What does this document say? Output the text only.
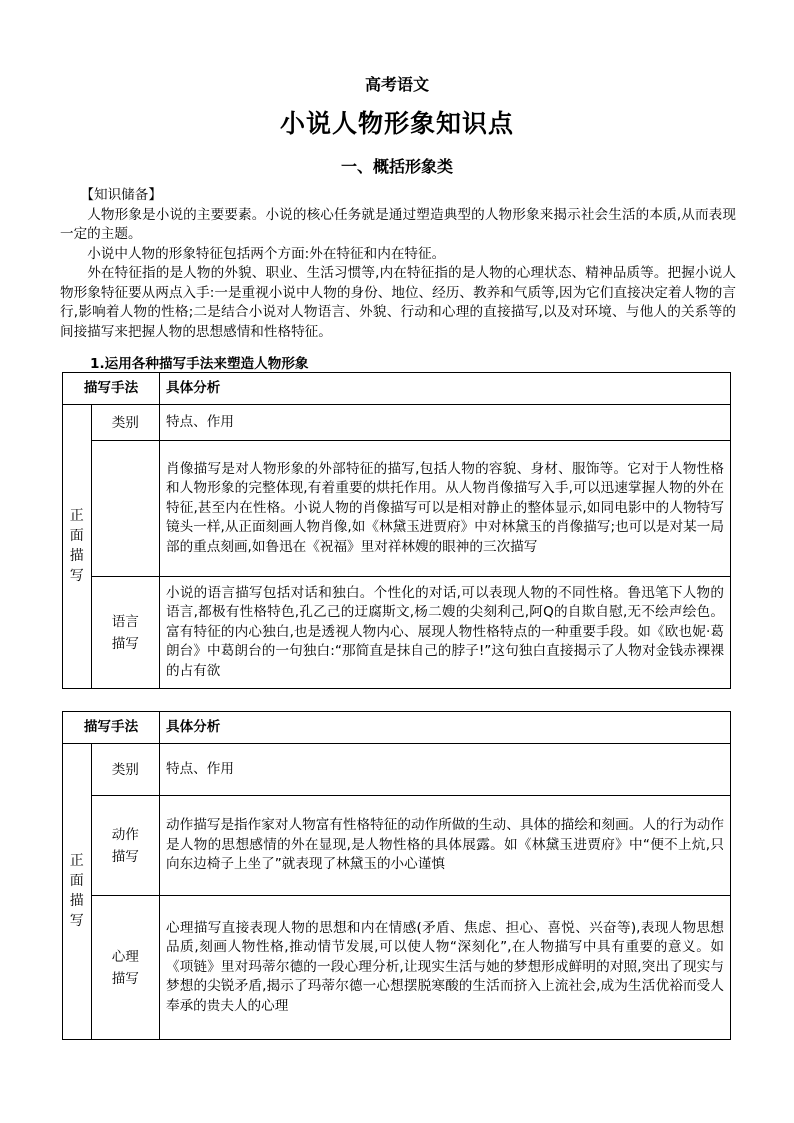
高考语文
小说人物形象知识点
一、概括形象类

【知识储备】

人物形象是小说的主要要素。小说的核心任务就是通过塑造典型的人物形象来揭示社会生活的本质,从而表现一定的主题。

小说中人物的形象特征包括两个方面:外在特征和内在特征。

外在特征指的是人物的外貌、职业、生活习惯等,内在特征指的是人物的心理状态、精神品质等。把握小说人物形象特征要从两点入手:一是重视小说中人物的身份、地位、经历、教养和气质等,因为它们直接决定着人物的言行,影响着人物的性格;二是结合小说对人物语言、外貌、行动和心理的直接描写,以及对环境、与他人的关系等的间接描写来把握人物的思想感情和性格特征。

1.运用各种描写手法来塑造人物形象
描写手法		具体分析
正面描写	类别	特点、作用
		肖像描写是对人物形象的外部特征的描写,包括人物的容貌、身材、服饰等。它对于人物性格和人物形象的完整体现,有着重要的烘托作用。从人物肖像描写入手,可以迅速掌握人物的外在特征,甚至内在性格。小说人物的肖像描写可以是相对静止的整体显示,如同电影中的人物特写镜头一样,从正面刻画人物肖像,如《林黛玉进贾府》中对林黛玉的肖像描写;也可以是对某一局部的重点刻画,如鲁迅在《祝福》里对祥林嫂的眼神的三次描写
	语言描写	小说的语言描写包括对话和独白。个性化的对话,可以表现人物的不同性格。鲁迅笔下人物的语言,都极有性格特色,孔乙己的迂腐斯文,杨二嫂的尖刻利己,阿Q的自欺自慰,无不绘声绘色。富有特征的内心独白,也是透视人物内心、展现人物性格特点的一种重要手段。如《欧也妮·葛朗台》中葛朗台的一句独白:“那简直是抹自己的脖子!”这句独白直接揭示了人物对金钱赤裸裸的占有欲
描写手法		具体分析
正面描写	类别	特点、作用
	动作描写	动作描写是指作家对人物富有性格特征的动作所做的生动、具体的描绘和刻画。人的行为动作是人物的思想感情的外在显现,是人物性格的具体展露。如《林黛玉进贾府》中“便不上炕,只向东边椅子上坐了”就表现了林黛玉的小心谨慎
	心理描写	心理描写直接表现人物的思想和内在情感(矛盾、焦虑、担心、喜悦、兴奋等),表现人物思想品质,刻画人物性格,推动情节发展,可以使人物“深刻化”,在人物描写中具有重要的意义。如《项链》里对玛蒂尔德的一段心理分析,让现实生活与她的梦想形成鲜明的对照,突出了现实与梦想的尖锐矛盾,揭示了玛蒂尔德一心想摆脱寒酸的生活而挤入上流社会,成为生活优裕而受人奉承的贵夫人的心理
